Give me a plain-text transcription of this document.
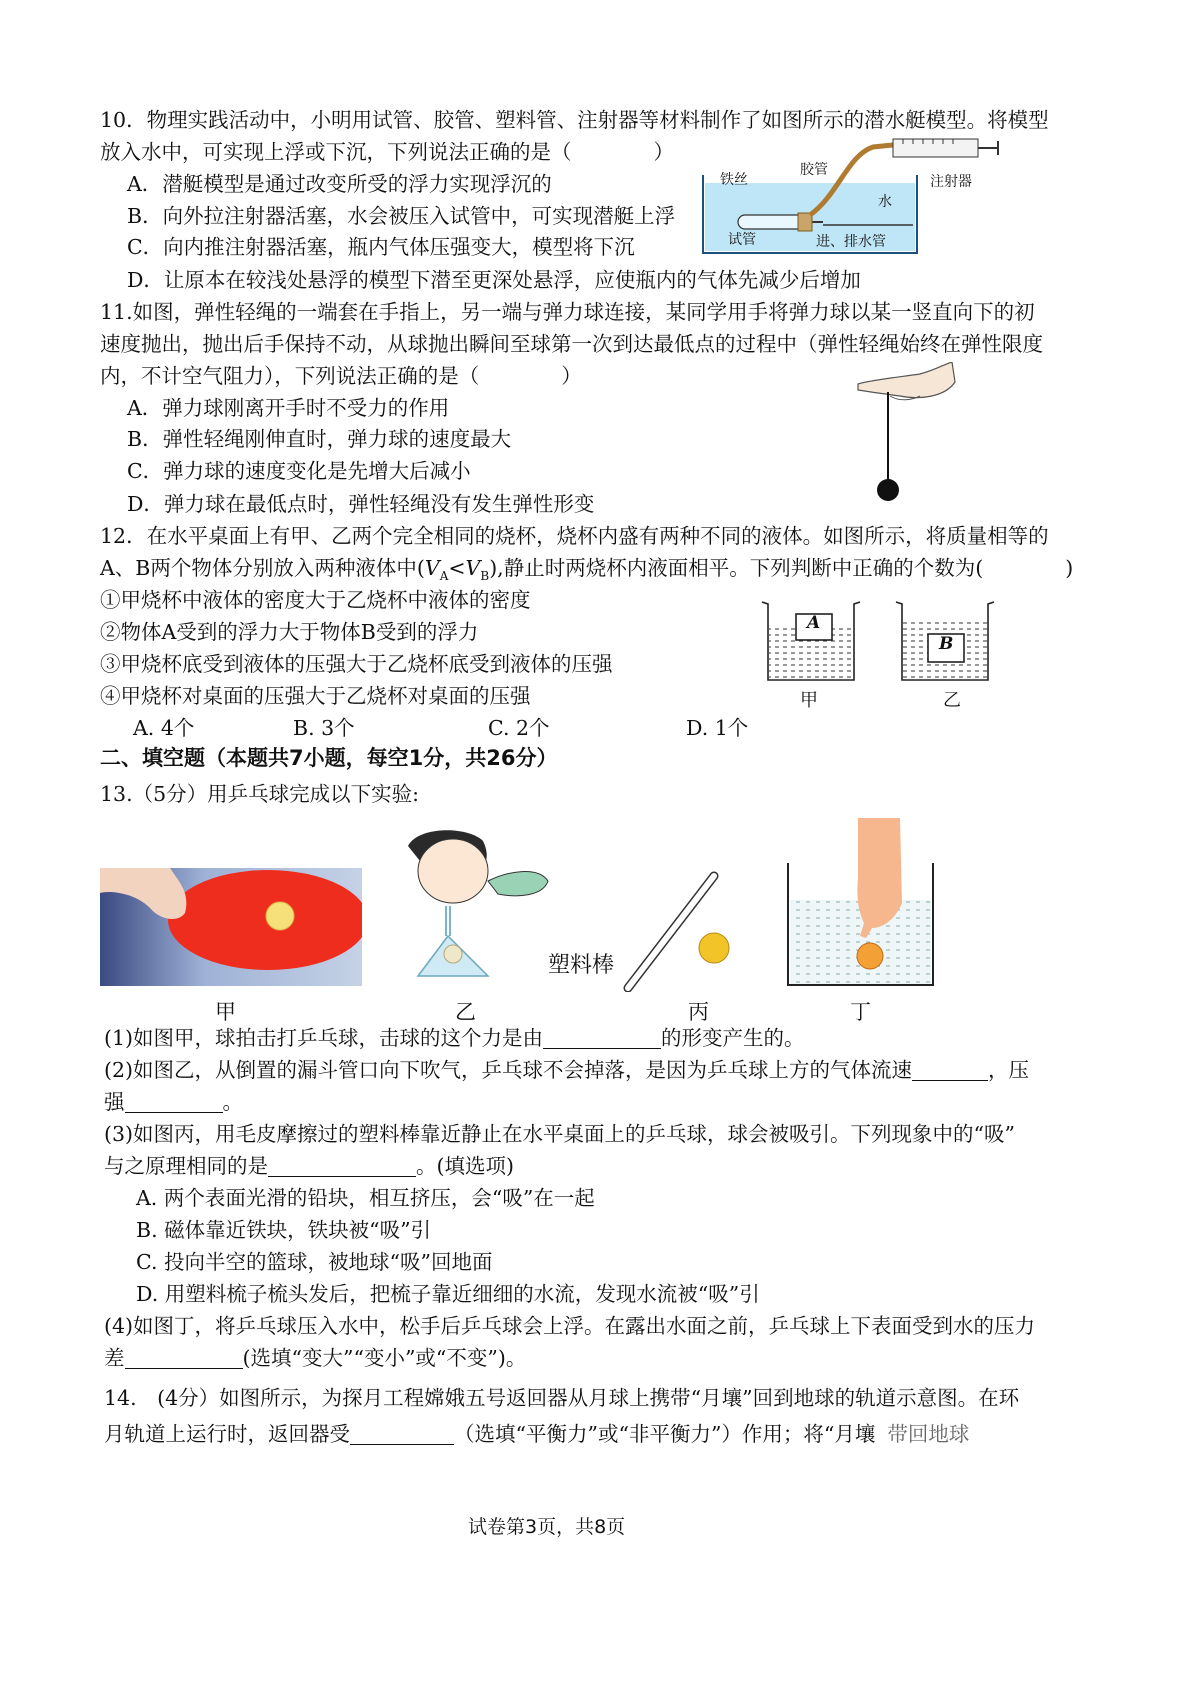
10．物理实践活动中，小明用试管、胶管、塑料管、注射器等材料制作了如图所示的潜水艇模型。将模型
放入水中，可实现上浮或下沉，下列说法正确的是（　　　　）
A．潜艇模型是通过改变所受的浮力实现浮沉的
B．向外拉注射器活塞，水会被压入试管中，可实现潜艇上浮
C．向内推注射器活塞，瓶内气体压强变大，模型将下沉
D．让原本在较浅处悬浮的模型下潜至更深处悬浮，应使瓶内的气体先减少后增加
铁丝
胶管
注射器
水
试管	进、排水管
11.如图，弹性轻绳的一端套在手指上，另一端与弹力球连接，某同学用手将弹力球以某一竖直向下的初
速度抛出，抛出后手保持不动，从球抛出瞬间至球第一次到达最低点的过程中（弹性轻绳始终在弹性限度
内，不计空气阻力），下列说法正确的是（　　　　）
A．弹力球刚离开手时不受力的作用
B．弹性轻绳刚伸直时，弹力球的速度最大
C．弹力球的速度变化是先增大后减小
D．弹力球在最低点时，弹性轻绳没有发生弹性形变
12．在水平桌面上有甲、乙两个完全相同的烧杯，烧杯内盛有两种不同的液体。如图所示，将质量相等的
A、B两个物体分别放入两种液体中$(V_A<V_B)$,静止时两烧杯内液面相平。下列判断中正确的个数为(　　　　)
①甲烧杯中液体的密度大于乙烧杯中液体的密度
②物体A受到的浮力大于物体B受到的浮力
③甲烧杯底受到液体的压强大于乙烧杯底受到液体的压强
④甲烧杯对桌面的压强大于乙烧杯对桌面的压强
A. 4个	B. 3个	C. 2个	D. 1个
A
B
甲	乙
二、填空题（本题共7小题，每空1分，共26分）
13.（5分）用乒乓球完成以下实验:
甲	乙
塑料棒
丙	丁
(1)如图甲，球拍击打乒乓球，击球的这个力是由	的形变产生的。
(2)如图乙，从倒置的漏斗管口向下吹气，乒乓球不会掉落，是因为乒乓球上方的气体流速	，压
强	。
(3)如图丙，用毛皮摩擦过的塑料棒靠近静止在水平桌面上的乒乓球，球会被吸引。下列现象中的“吸”
与之原理相同的是	。(填选项)
A. 两个表面光滑的铅块，相互挤压，会“吸”在一起
B. 磁体靠近铁块，铁块被“吸”引
C. 投向半空的篮球，被地球“吸”回地面
D. 用塑料梳子梳头发后，把梳子靠近细细的水流，发现水流被“吸”引
(4)如图丁，将乒乓球压入水中，松手后乒乓球会上浮。在露出水面之前，乒乓球上下表面受到水的压力
差	(选填“变大”“变小”或“不变”)。
14.　(4分）如图所示，为探月工程嫦娥五号返回器从月球上携带“月壤”回到地球的轨道示意图。在环
月轨道上运行时，返回器受	（选填“平衡力”或“非平衡力”）作用；将“月壤 带回地球
试卷第3页，共8页
